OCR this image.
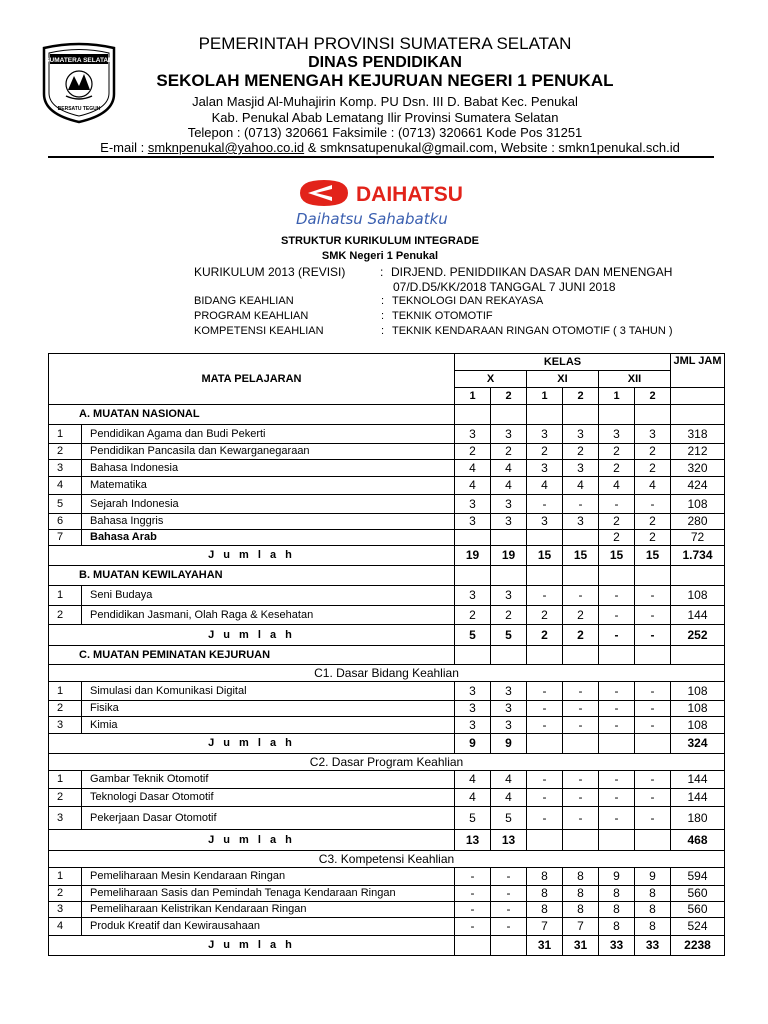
SUMATERA SELATAN
BERSATU TEGUH
PEMERINTAH PROVINSI SUMATERA SELATAN
DINAS PENDIDIKAN
SEKOLAH MENENGAH KEJURUAN NEGERI 1 PENUKAL
Jalan Masjid Al-Muhajirin Komp. PU Dsn. III D. Babat Kec. Penukal
Kab. Penukal Abab Lematang Ilir Provinsi Sumatera Selatan
Telepon : (0713) 320661 Faksimile : (0713) 320661 Kode Pos 31251
E-mail : smknpenukal@yahoo.co.id & smknsatupenukal@gmail.com, Website : smkn1penukal.sch.id
DAIHATSU
Daihatsu Sahabatku
STRUKTUR KURIKULUM INTEGRADE
SMK Negeri 1 Penukal
KURIKULUM 2013 (REVISI)	: DIRJEND. PENIDDIIKAN DASAR DAN MENENGAH
07/D.D5/KK/2018 TANGGAL 7 JUNI 2018
BIDANG KEAHLIAN	: TEKNOLOGI DAN REKAYASA
PROGRAM KEAHLIAN	: TEKNIK OTOMOTIF
KOMPETENSI KEAHLIAN	: TEKNIK KENDARAAN RINGAN OTOMOTIF ( 3 TAHUN )
MATA PELAJARAN		KELAS						JML JAM
		X		XI		XII		
		1	2	1	2	1	2	
A. MUATAN NASIONAL								
1	Pendidikan Agama dan Budi Pekerti	3	3	3	3	3	3	318
2	Pendidikan Pancasila dan Kewarganegaraan	2	2	2	2	2	2	212
3	Bahasa Indonesia	4	4	3	3	2	2	320
4	Matematika	4	4	4	4	4	4	424
5	Sejarah Indonesia	3	3	-	-	-	-	108
6	Bahasa Inggris	3	3	3	3	2	2	280
7	Bahasa Arab					2	2	72
J u m l a h		19	19	15	15	15	15	1.734
B. MUATAN KEWILAYAHAN								
1	Seni Budaya	3	3	-	-	-	-	108
2	Pendidikan Jasmani, Olah Raga & Kesehatan	2	2	2	2	-	-	144
J u m l a h		5	5	2	2	-	-	252
C. MUATAN PEMINATAN KEJURUAN								
C1. Dasar Bidang Keahlian								
1	Simulasi dan Komunikasi Digital	3	3	-	-	-	-	108
2	Fisika	3	3	-	-	-	-	108
3	Kimia	3	3	-	-	-	-	108
J u m l a h		9	9					324
C2. Dasar Program Keahlian								
1	Gambar Teknik Otomotif	4	4	-	-	-	-	144
2	Teknologi Dasar Otomotif	4	4	-	-	-	-	144
3	Pekerjaan Dasar Otomotif	5	5	-	-	-	-	180
J u m l a h		13	13					468
C3. Kompetensi Keahlian								
1	Pemeliharaan Mesin Kendaraan Ringan	-	-	8	8	9	9	594
2	Pemeliharaan Sasis dan Pemindah Tenaga Kendaraan Ringan	-	-	8	8	8	8	560
3	Pemeliharaan Kelistrikan Kendaraan Ringan	-	-	8	8	8	8	560
4	Produk Kreatif dan Kewirausahaan	-	-	7	7	8	8	524
J u m l a h				31	31	33	33	2238
